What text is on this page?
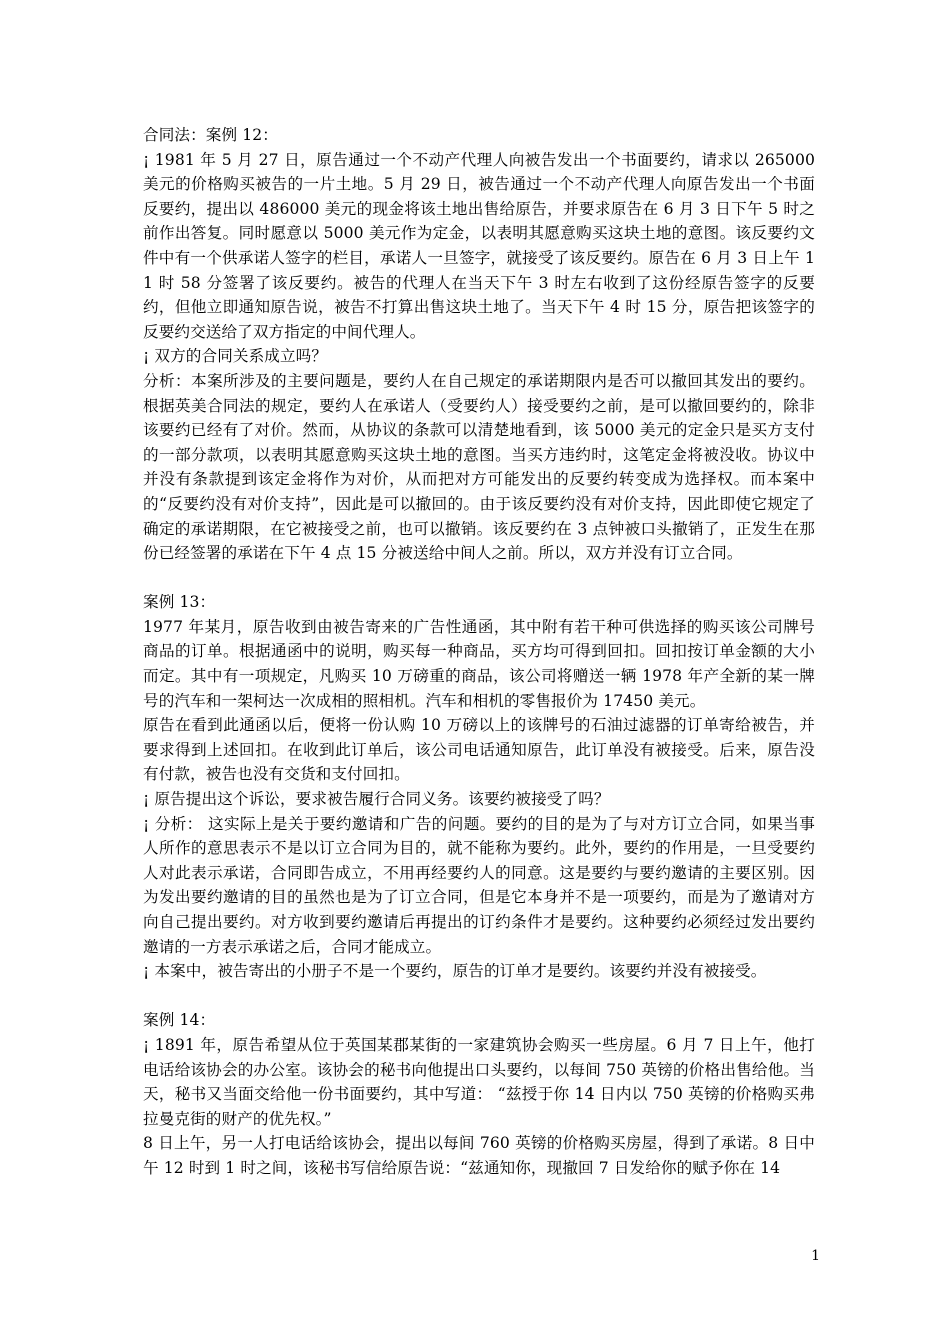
合同法：案例 12：

¡ 1981 年 5 月 27 日，原告通过一个不动产代理人向被告发出一个书面要约，请求以 265000 美元的价格购买被告的一片土地。5 月 29 日，被告通过一个不动产代理人向原告发出一个书面反要约，提出以 486000 美元的现金将该土地出售给原告，并要求原告在 6 月 3 日下午 5 时之前作出答复。同时愿意以 5000 美元作为定金，以表明其愿意购买这块土地的意图。该反要约文件中有一个供承诺人签字的栏目，承诺人一旦签字，就接受了该反要约。原告在 6 月 3 日上午 11 时 58 分签署了该反要约。被告的代理人在当天下午 3 时左右收到了这份经原告签字的反要约，但他立即通知原告说，被告不打算出售这块土地了。当天下午 4 时 15 分，原告把该签字的反要约交送给了双方指定的中间代理人。

¡ 双方的合同关系成立吗？

分析：本案所涉及的主要问题是，要约人在自己规定的承诺期限内是否可以撤回其发出的要约。根据英美合同法的规定，要约人在承诺人（受要约人）接受要约之前，是可以撤回要约的，除非该要约已经有了对价。然而，从协议的条款可以清楚地看到，该 5000 美元的定金只是买方支付的一部分款项，以表明其愿意购买这块土地的意图。当买方违约时，这笔定金将被没收。协议中并没有条款提到该定金将作为对价，从而把对方可能发出的反要约转变成为选择权。而本案中的“反要约没有对价支持”，因此是可以撤回的。由于该反要约没有对价支持，因此即使它规定了确定的承诺期限，在它被接受之前，也可以撤销。该反要约在 3 点钟被口头撤销了，正发生在那份已经签署的承诺在下午 4 点 15 分被送给中间人之前。所以，双方并没有订立合同。

案例 13：

1977 年某月，原告收到由被告寄来的广告性通函，其中附有若干种可供选择的购买该公司牌号商品的订单。根据通函中的说明，购买每一种商品，买方均可得到回扣。回扣按订单金额的大小而定。其中有一项规定，凡购买 10 万磅重的商品，该公司将赠送一辆 1978 年产全新的某一牌号的汽车和一架柯达一次成相的照相机。汽车和相机的零售报价为 17450 美元。

原告在看到此通函以后，便将一份认购 10 万磅以上的该牌号的石油过滤器的订单寄给被告，并要求得到上述回扣。在收到此订单后，该公司电话通知原告，此订单没有被接受。后来，原告没有付款，被告也没有交货和支付回扣。

¡ 原告提出这个诉讼，要求被告履行合同义务。该要约被接受了吗？

¡ 分析： 这实际上是关于要约邀请和广告的问题。要约的目的是为了与对方订立合同，如果当事人所作的意思表示不是以订立合同为目的，就不能称为要约。此外，要约的作用是，一旦受要约人对此表示承诺，合同即告成立，不用再经要约人的同意。这是要约与要约邀请的主要区别。因为发出要约邀请的目的虽然也是为了订立合同，但是它本身并不是一项要约，而是为了邀请对方向自己提出要约。对方收到要约邀请后再提出的订约条件才是要约。这种要约必须经过发出要约邀请的一方表示承诺之后，合同才能成立。

¡ 本案中，被告寄出的小册子不是一个要约，原告的订单才是要约。该要约并没有被接受。

案例 14：

¡ 1891 年，原告希望从位于英国某郡某街的一家建筑协会购买一些房屋。6 月 7 日上午，他打电话给该协会的办公室。该协会的秘书向他提出口头要约，以每间 750 英镑的价格出售给他。当天，秘书又当面交给他一份书面要约，其中写道： “兹授于你 14 日内以 750 英镑的价格购买弗拉曼克街的财产的优先权。”

8 日上午，另一人打电话给该协会，提出以每间 760 英镑的价格购买房屋，得到了承诺。8 日中午 12 时到 1 时之间，该秘书写信给原告说：“兹通知你，现撤回 7 日发给你的赋予你在 14

1
